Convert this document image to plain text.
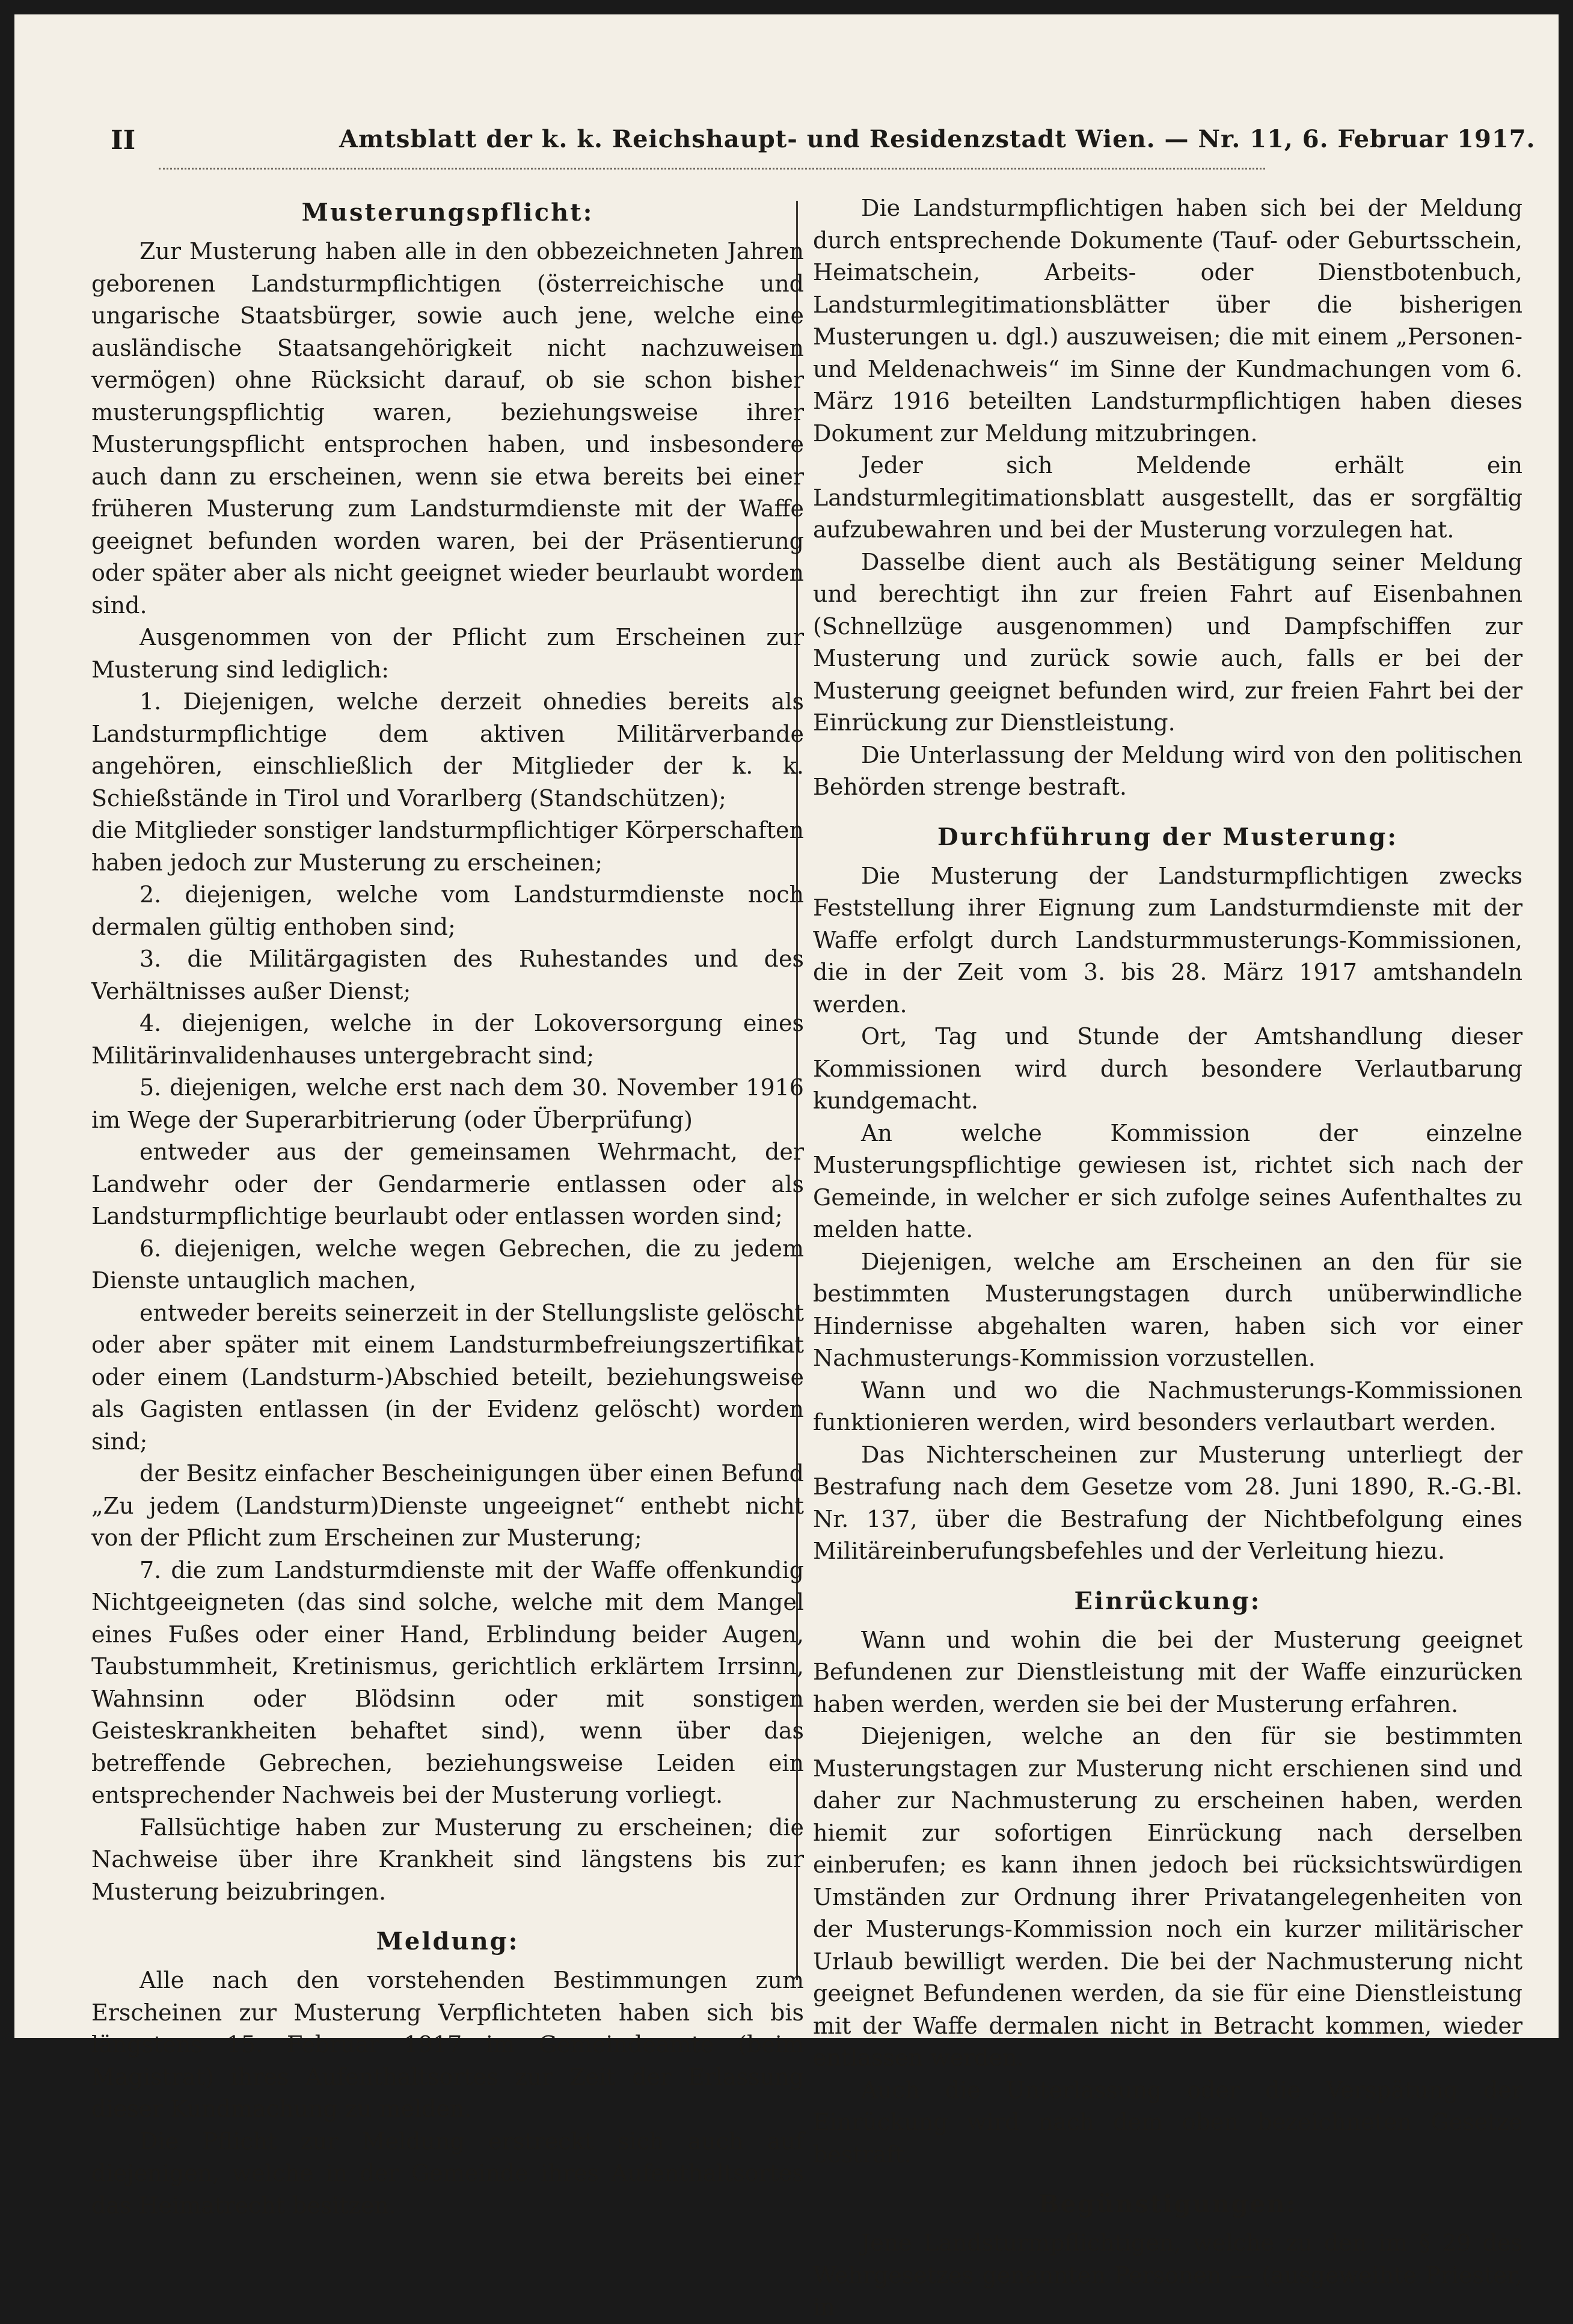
II	Amtsblatt der k. k. Reichshaupt- und Residenzstadt Wien. — Nr. 11, 6. Februar 1917.
Musterungspflicht:

Zur Musterung haben alle in den obbezeichneten Jahren geborenen Landsturmpflichtigen (österreichische und ungarische Staatsbürger, sowie auch jene, welche eine ausländische Staatsangehörigkeit nicht nachzuweisen vermögen) ohne Rücksicht darauf, ob sie schon bisher musterungspflichtig waren, beziehungsweise ihrer Musterungspflicht entsprochen haben, und insbesondere auch dann zu erscheinen, wenn sie etwa bereits bei einer früheren Musterung zum Landsturmdienste mit der Waffe geeignet befunden worden waren, bei der Präsentierung oder später aber als nicht geeignet wieder beurlaubt worden sind.

Ausgenommen von der Pflicht zum Erscheinen zur Musterung sind lediglich:

1. Diejenigen, welche derzeit ohnedies bereits als Landsturmpflichtige dem aktiven Militärverbande angehören, einschließlich der Mitglieder der k. k. Schießstände in Tirol und Vorarlberg (Standschützen);

die Mitglieder sonstiger landsturmpflichtiger Körperschaften haben jedoch zur Musterung zu erscheinen;

2. diejenigen, welche vom Landsturmdienste noch dermalen gültig enthoben sind;

3. die Militärgagisten des Ruhestandes und des Verhältnisses außer Dienst;

4. diejenigen, welche in der Lokoversorgung eines Militärinvalidenhauses untergebracht sind;

5. diejenigen, welche erst nach dem 30. November 1916 im Wege der Superarbitrierung (oder Überprüfung)

entweder aus der gemeinsamen Wehrmacht, der Landwehr oder der Gendarmerie entlassen oder als Landsturmpflichtige beurlaubt oder entlassen worden sind;

6. diejenigen, welche wegen Gebrechen, die zu jedem Dienste untauglich machen,

entweder bereits seinerzeit in der Stellungsliste gelöscht oder aber später mit einem Landsturmbefreiungszertifikat oder einem (Landsturm-)Abschied beteilt, beziehungsweise als Gagisten entlassen (in der Evidenz gelöscht) worden sind;

der Besitz einfacher Bescheinigungen über einen Befund „Zu jedem (Landsturm)Dienste ungeeignet“ enthebt nicht von der Pflicht zum Erscheinen zur Musterung;

7. die zum Landsturmdienste mit der Waffe offenkundig Nichtgeeigneten (das sind solche, welche mit dem Mangel eines Fußes oder einer Hand, Erblindung beider Augen, Taubstummheit, Kretinismus, gerichtlich erklärtem Irrsinn, Wahnsinn oder Blödsinn oder mit sonstigen Geisteskrankheiten behaftet sind), wenn über das betreffende Gebrechen, beziehungsweise Leiden ein entsprechender Nachweis bei der Musterung vorliegt.

Fallsüchtige haben zur Musterung zu erscheinen; die Nachweise über ihre Krankheit sind längstens bis zur Musterung beizubringen.

Meldung:

Alle nach den vorstehenden Bestimmungen zum Erscheinen zur Musterung Verpflichteten haben sich bis längstens 15. Februar 1917 im Gemeindeamte (beim Magistrat) ihres Aufenthaltsortes zur Zeit der Erlassung dieser Kundmachung zu melden.

Die Pflicht zur Meldung erstreckt sich auch auf diejenigen, welche in der Gemeinde ihres Aufenthaltsortes das Heimatrecht besitzen.

Die Landsturmpflichtigen haben sich bei der Meldung durch entsprechende Dokumente (Tauf- oder Geburtsschein, Heimatschein, Arbeits- oder Dienstbotenbuch, Landsturmlegitimationsblätter über die bisherigen Musterungen u. dgl.) auszuweisen; die mit einem „Personen- und Meldenachweis“ im Sinne der Kundmachungen vom 6. März 1916 beteilten Landsturmpflichtigen haben dieses Dokument zur Meldung mitzubringen.

Jeder sich Meldende erhält ein Landsturmlegitimationsblatt ausgestellt, das er sorgfältig aufzubewahren und bei der Musterung vorzulegen hat.

Dasselbe dient auch als Bestätigung seiner Meldung und berechtigt ihn zur freien Fahrt auf Eisenbahnen (Schnellzüge ausgenommen) und Dampfschiffen zur Musterung und zurück sowie auch, falls er bei der Musterung geeignet befunden wird, zur freien Fahrt bei der Einrückung zur Dienstleistung.

Die Unterlassung der Meldung wird von den politischen Behörden strenge bestraft.

Durchführung der Musterung:

Die Musterung der Landsturmpflichtigen zwecks Feststellung ihrer Eignung zum Landsturmdienste mit der Waffe erfolgt durch Landsturmmusterungs-Kommissionen, die in der Zeit vom 3. bis 28. März 1917 amtshandeln werden.

Ort, Tag und Stunde der Amtshandlung dieser Kommissionen wird durch besondere Verlautbarung kundgemacht.

An welche Kommission der einzelne Musterungspflichtige gewiesen ist, richtet sich nach der Gemeinde, in welcher er sich zufolge seines Aufenthaltes zu melden hatte.

Diejenigen, welche am Erscheinen an den für sie bestimmten Musterungstagen durch unüberwindliche Hindernisse abgehalten waren, haben sich vor einer Nachmusterungs-Kommission vorzustellen.

Wann und wo die Nachmusterungs-Kommissionen funktionieren werden, wird besonders verlautbart werden.

Das Nichterscheinen zur Musterung unterliegt der Bestrafung nach dem Gesetze vom 28. Juni 1890, R.-G.-Bl. Nr. 137, über die Bestrafung der Nichtbefolgung eines Militäreinberufungsbefehles und der Verleitung hiezu.

Einrückung:

Wann und wohin die bei der Musterung geeignet Befundenen zur Dienstleistung mit der Waffe einzurücken haben werden, werden sie bei der Musterung erfahren.

Diejenigen, welche an den für sie bestimmten Musterungstagen zur Musterung nicht erschienen sind und daher zur Nachmusterung zu erscheinen haben, werden hiemit zur sofortigen Einrückung nach derselben einberufen; es kann ihnen jedoch bei rücksichtswürdigen Umständen zur Ordnung ihrer Privatangelegenheiten von der Musterungs-Kommission noch ein kurzer militärischer Urlaub bewilligt werden. Die bei der Nachmusterung nicht geeignet Befundenen werden, da sie für eine Dienstleistung mit der Waffe dermalen nicht in Betracht kommen, wieder entlassen werden.

Auch die Unterlassung oder die Verspätung der Einrückung wird nach dem oben bezeichneten Gesetze bestraft.

Begünstigungen:

Jene Landsturmpflichtigen, welche zu den im § 29 des Wehrgesetzes genannten Personen — (ausgeweihte Priester, in
